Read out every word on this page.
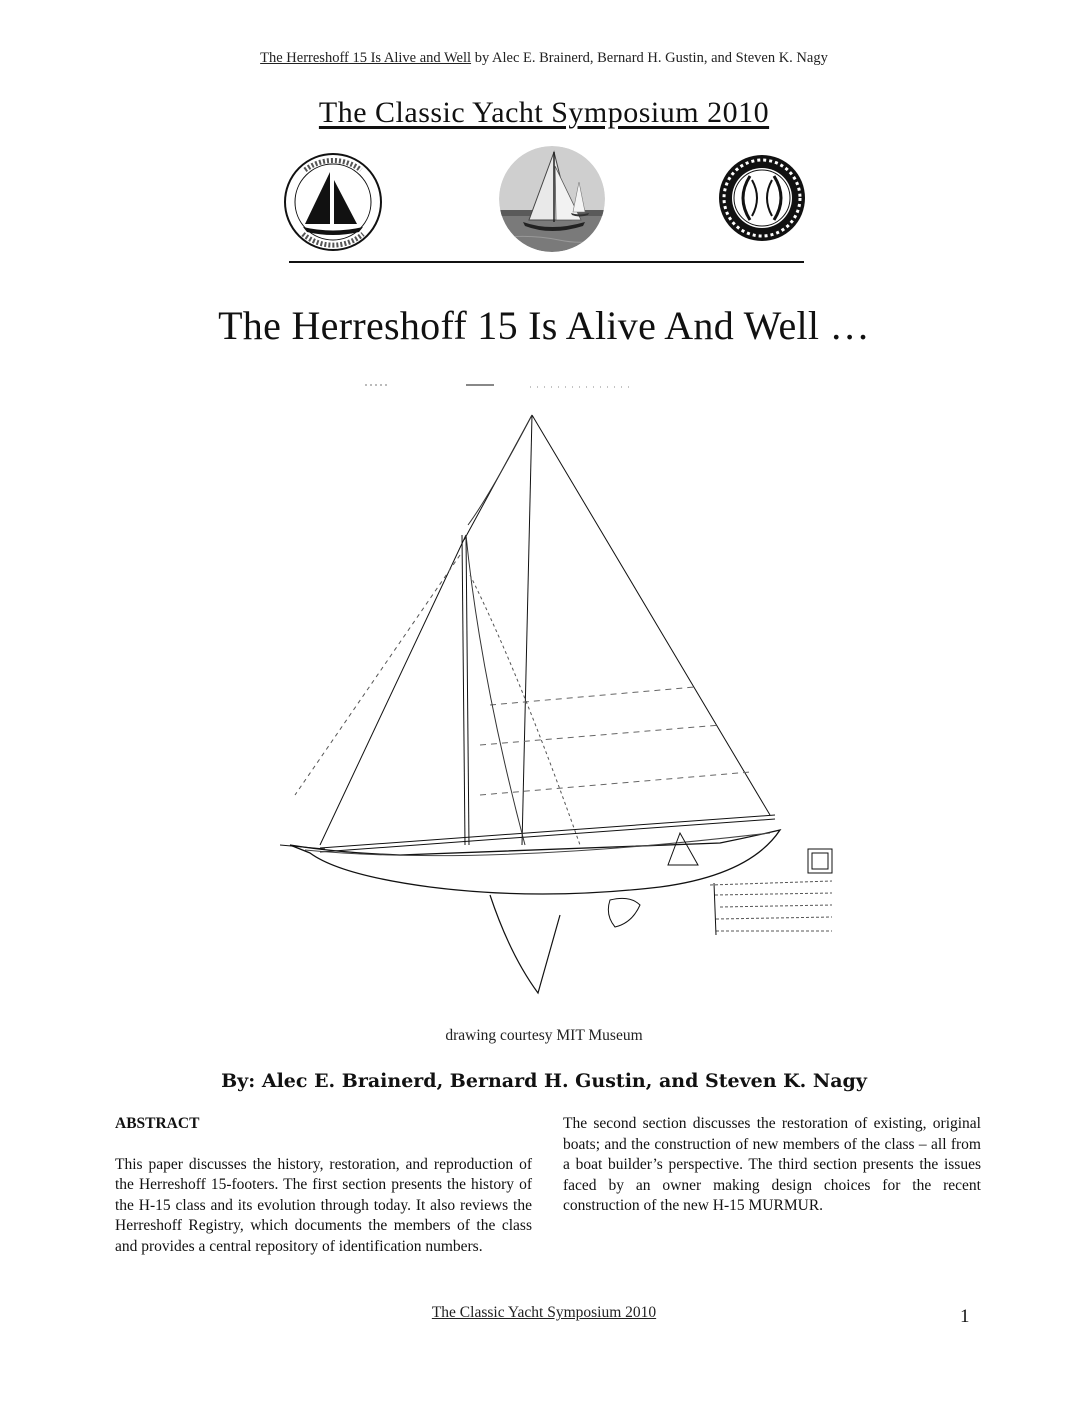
The Herreshoff 15 Is Alive and Well by Alec E. Brainerd, Bernard H. Gustin, and Steven K. Nagy
The Classic Yacht Symposium 2010
The Herreshoff 15 Is Alive And Well …
drawing courtesy MIT Museum
By: Alec E. Brainerd, Bernard H. Gustin, and Steven K. Nagy
ABSTRACT

This paper discusses the history, restoration, and reproduction of the Herreshoff 15-footers. The first section presents the history of the H-15 class and its evolution through today. It also reviews the Herreshoff Registry, which documents the members of the class and provides a central repository of identification numbers.

The second section discusses the restoration of existing, original boats; and the construction of new members of the class – all from a boat builder’s perspective. The third section presents the issues faced by an owner making design choices for the recent construction of the new H-15 MURMUR.

The Classic Yacht Symposium 2010	1
